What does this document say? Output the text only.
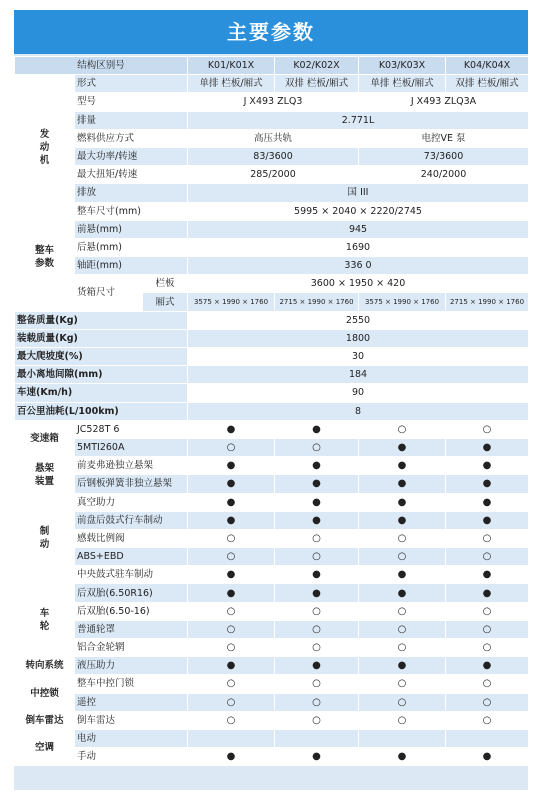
主要参数
结构区别号			K01/K01X	K02/K02X	K03/K03X	K04/K04X
	形式		单排 栏板/厢式	双排 栏板/厢式	单排 栏板/厢式	双排 栏板/厢式

发动机	型号		J X493 ZLQ3		J X493 ZLQ3A	
	排量		2.771L			
	燃料供应方式		高压共轨		电控VE 泵	
	最大功率/转速		83/3600		73/3600	
	最大扭矩/转速		285/2000		240/2000	
	排放		国 III			

整车参数	整车尺寸(mm)		5995 × 2040 × 2220/2745			
	前悬(mm)		945			
	后悬(mm)		1690			
	轴距(mm)		336 0			
	货箱尺寸	栏板	3600 × 1950 × 420			
		厢式	3575 × 1990 × 1760	2715 × 1990 × 1760	3575 × 1990 × 1760	2715 × 1990 × 1760
整备质量(Kg)			2550			
装载质量(Kg)			1800			
最大爬坡度(%)			30			
最小离地间隙(mm)			184			
车速(Km/h)			90			
百公里油耗(L/100km)			8			
变速箱	JC528T 6		●	●	○	○
	5MTI260A		○	○	●	●

悬架装置	前麦弗逊独立悬架		●	●	●	●
	后钢板弹簧非独立悬架		●	●	●	●

制动	真空助力		●	●	●	●
	前盘后鼓式行车制动		●	●	●	●
	感载比例阀		○	○	○	○
	ABS+EBD		○	○	○	○
	中央鼓式驻车制动		●	●	●	●

车轮	后双胎(6.50R16)		●	●	●	●
	后双胎(6.50-16)		○	○	○	○
	普通轮罩		○	○	○	○
	铝合金轮辋		○	○	○	○
转向系统	液压助力		●	●	●	●
中控锁	整车中控门锁		○	○	○	○
	遥控		○	○	○	○
倒车雷达	倒车雷达		○	○	○	○
空调	电动					
	手动		●	●	●	●
